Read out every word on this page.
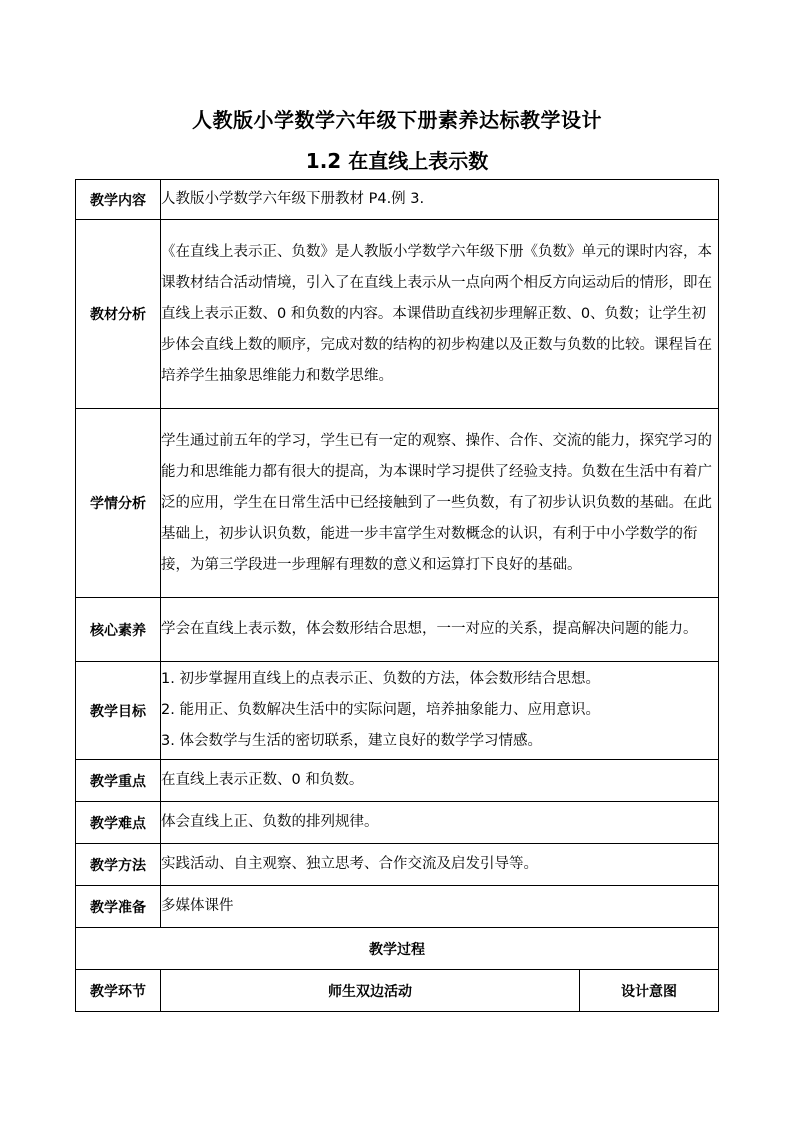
人教版小学数学六年级下册素养达标教学设计
1.2 在直线上表示数
教学内容	人教版小学数学六年级下册教材 P4.例 3.	
教材分析	《在直线上表示正、负数》是人教版小学数学六年级下册《负数》单元的课时内容，本课教材结合活动情境，引入了在直线上表示从一点向两个相反方向运动后的情形，即在直线上表示正数、0 和负数的内容。本课借助直线初步理解正数、0、负数；让学生初步体会直线上数的顺序，完成对数的结构的初步构建以及正数与负数的比较。课程旨在培养学生抽象思维能力和数学思维。	
学情分析	学生通过前五年的学习，学生已有一定的观察、操作、合作、交流的能力，探究学习的能力和思维能力都有很大的提高，为本课时学习提供了经验支持。负数在生活中有着广泛的应用，学生在日常生活中已经接触到了一些负数，有了初步认识负数的基础。在此基础上，初步认识负数，能进一步丰富学生对数概念的认识，有利于中小学数学的衔接，为第三学段进一步理解有理数的意义和运算打下良好的基础。	
核心素养	学会在直线上表示数，体会数形结合思想，一一对应的关系，提高解决问题的能力。	
教学目标	1. 初步掌握用直线上的点表示正、负数的方法，体会数形结合思想。
2. 能用正、负数解决生活中的实际问题，培养抽象能力、应用意识。
3. 体会数学与生活的密切联系，建立良好的数学学习情感。	

教学重点	在直线上表示正数、0 和负数。	
教学难点	体会直线上正、负数的排列规律。	
教学方法	实践活动、自主观察、独立思考、合作交流及启发引导等。	
教学准备	多媒体课件	
教学过程		
教学环节	师生双边活动	设计意图
